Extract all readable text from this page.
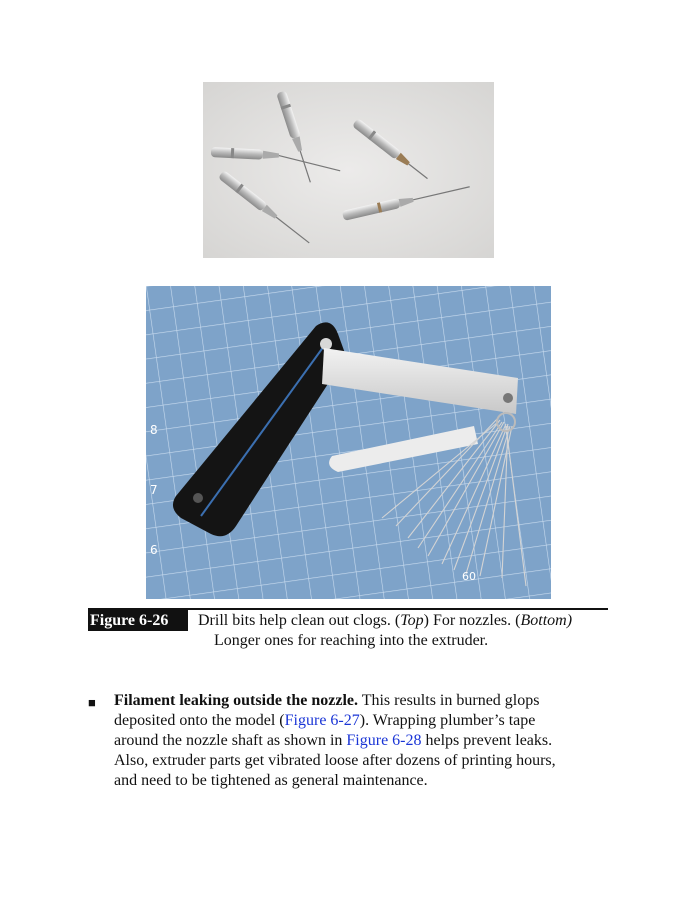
8
7
6
60
Figure 6-26	Drill bits help clean out clogs. (Top) For nozzles. (Bottom)
Longer ones for reaching into the extruder.
■ Filament leaking outside the nozzle. This results in burned glops
deposited onto the model (Figure 6-27). Wrapping plumber’s tape
around the nozzle shaft as shown in Figure 6-28 helps prevent leaks.
Also, extruder parts get vibrated loose after dozens of printing hours,
and need to be tightened as general maintenance.
